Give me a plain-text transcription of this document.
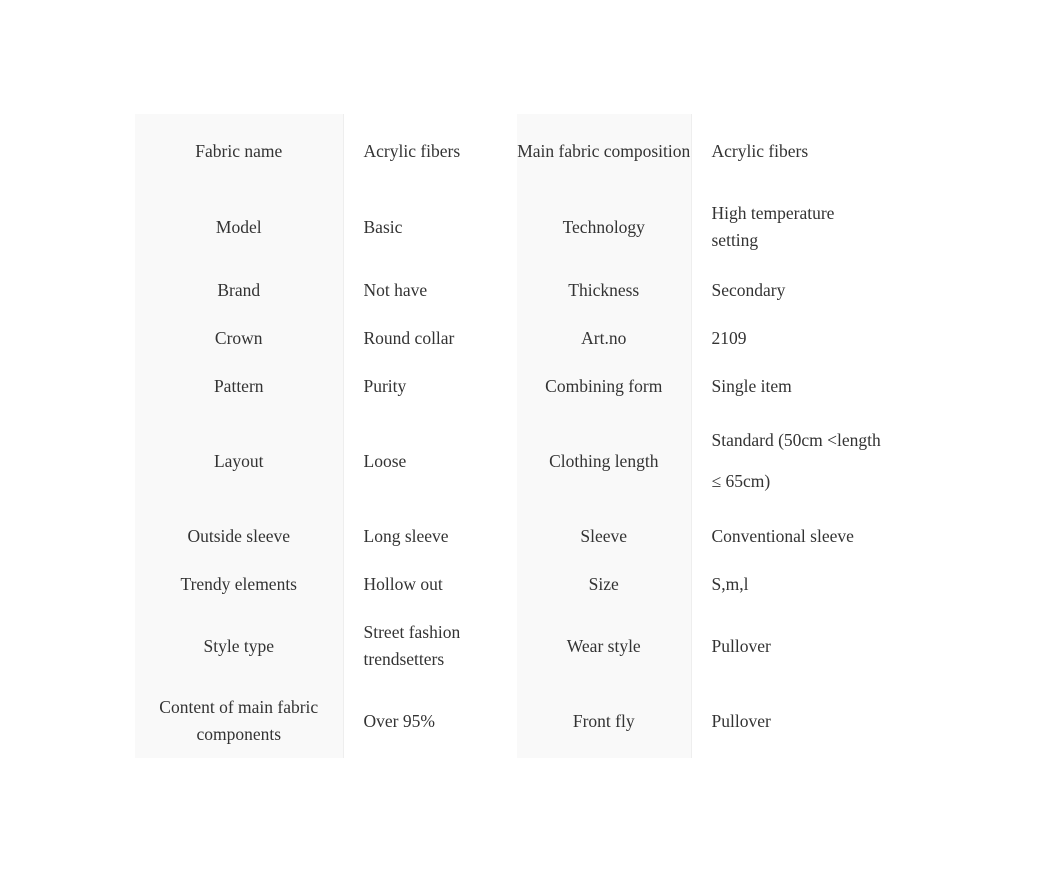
Fabric name	Acrylic fibers	Main fabric composition	Acrylic fibers
Model	Basic	Technology	High temperature setting
Brand	Not have	Thickness	Secondary
Crown	Round collar	Art.no	2109
Pattern	Purity	Combining form	Single item
Layout	Loose	Clothing length	Standard (50cm <length ≤ 65cm)

Outside sleeve	Long sleeve	Sleeve	Conventional sleeve
Trendy elements	Hollow out	Size	S,m,l
Style type	Street fashion trendsetters	Wear style	Pullover
Content of main fabric components	Over 95%	Front fly	Pullover
